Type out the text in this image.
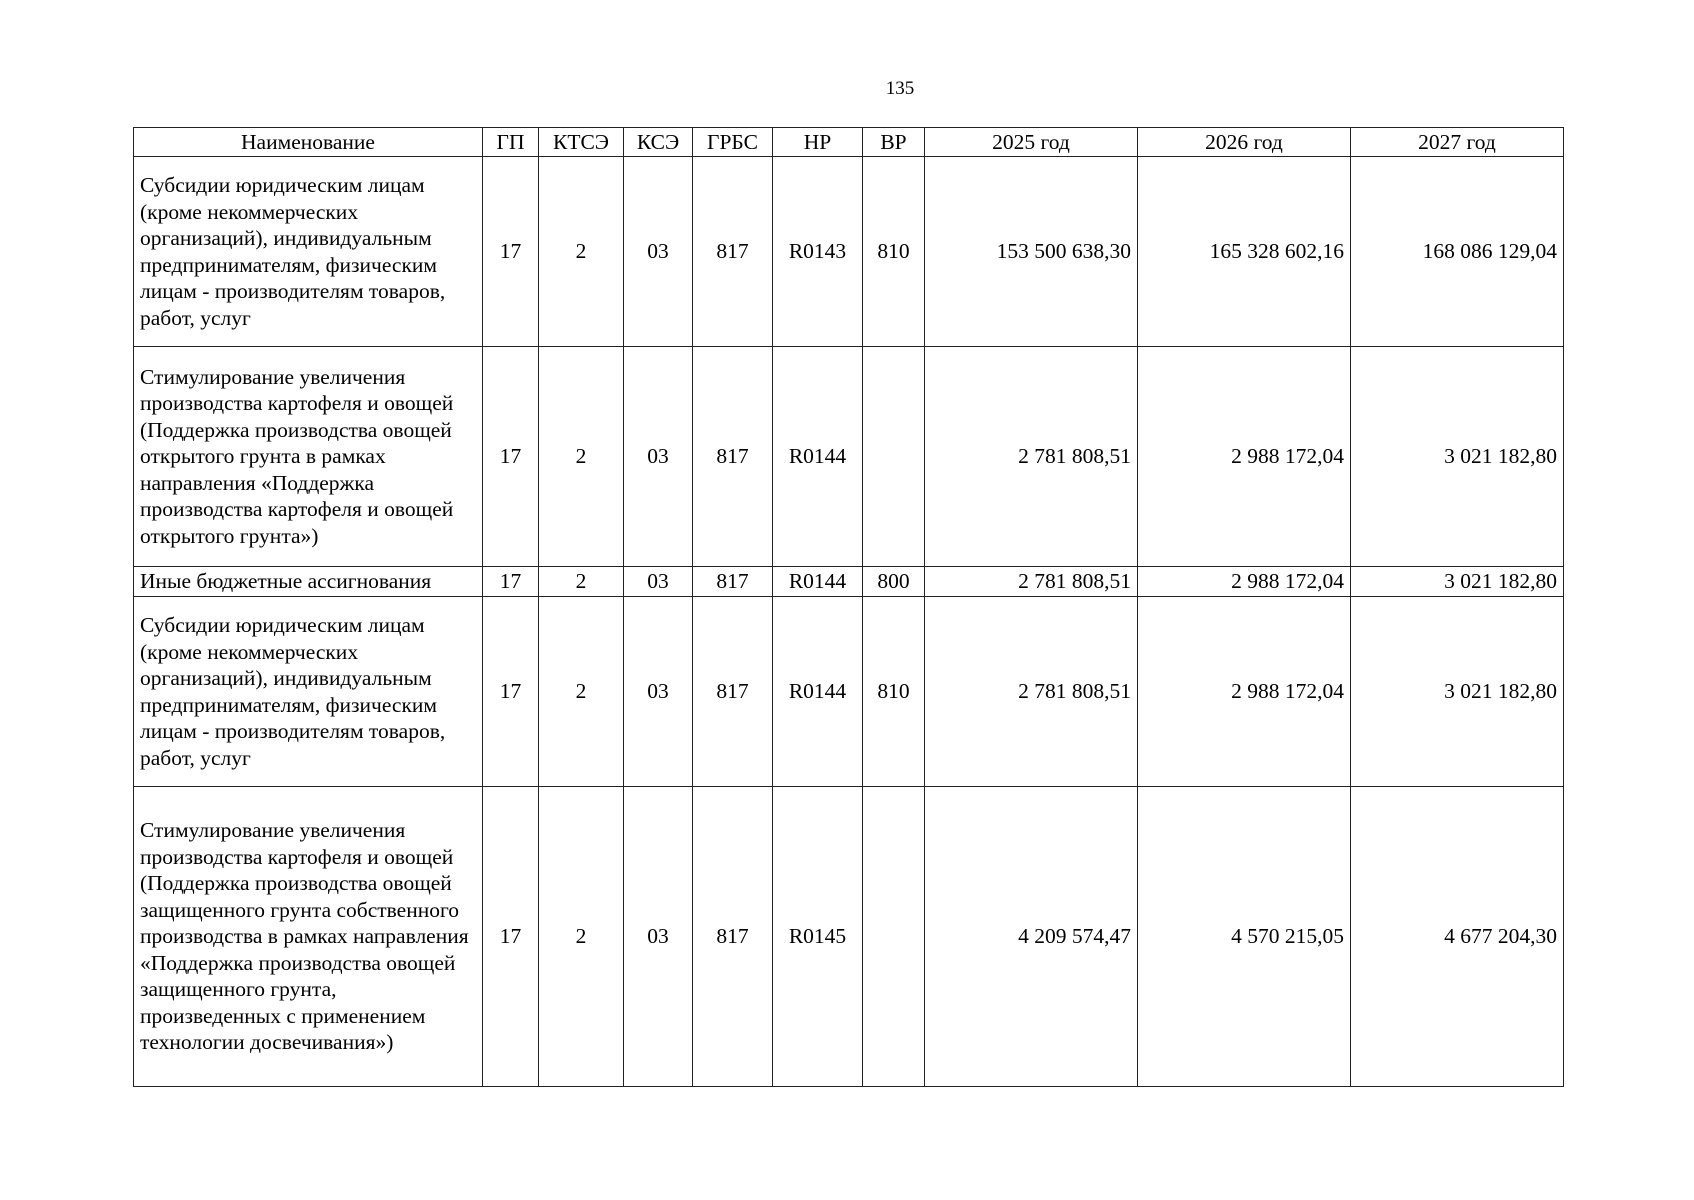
135
Наименование	ГП	КТСЭ	КСЭ	ГРБС	НР	ВР	2025 год	2026 год	2027 год
Субсидии юридическим лицам (кроме некоммерческих организаций), индивидуальным предпринимателям, физическим лицам - производителям товаров, работ, услуг	17	2	03	817	R0143	810	153 500 638,30	165 328 602,16	168 086 129,04
Стимулирование увеличения производства картофеля и овощей (Поддержка производства овощей открытого грунта в рамках направления «Поддержка производства картофеля и овощей открытого грунта»)	17	2	03	817	R0144		2 781 808,51	2 988 172,04	3 021 182,80
Иные бюджетные ассигнования	17	2	03	817	R0144	800	2 781 808,51	2 988 172,04	3 021 182,80
Субсидии юридическим лицам (кроме некоммерческих организаций), индивидуальным предпринимателям, физическим лицам - производителям товаров, работ, услуг	17	2	03	817	R0144	810	2 781 808,51	2 988 172,04	3 021 182,80
Стимулирование увеличения производства картофеля и овощей (Поддержка производства овощей защищенного грунта собственного производства в рамках направления «Поддержка производства овощей защищенного грунта, произведенных с применением технологии досвечивания»)	17	2	03	817	R0145		4 209 574,47	4 570 215,05	4 677 204,30
